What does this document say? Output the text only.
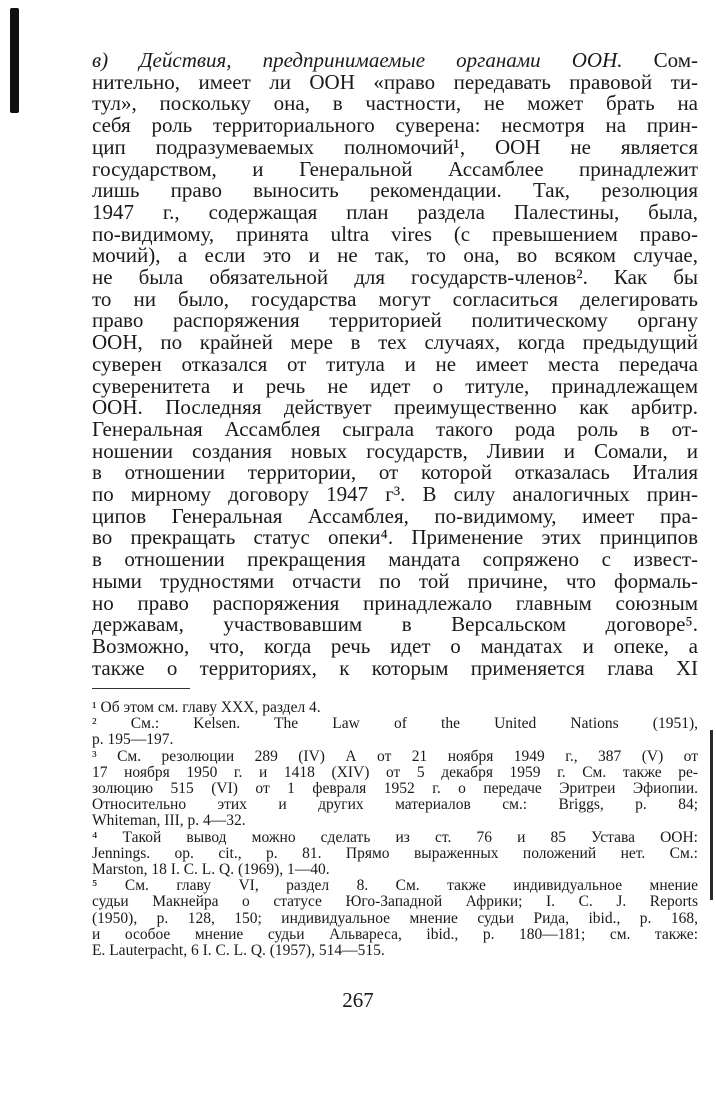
в) Действия, предпринимаемые органами ООН. Сом-
нительно, имеет ли ООН «право передавать правовой ти-
тул», поскольку она, в частности, не может брать на
себя роль территориального суверена: несмотря на прин-
цип подразумеваемых полномочий¹, ООН не является
государством, и Генеральной Ассамблее принадлежит
лишь право выносить рекомендации. Так, резолюция
1947 г., содержащая план раздела Палестины, была,
по-видимому, принята ultra vires (с превышением право-
мочий), а если это и не так, то она, во всяком случае,
не была обязательной для государств-членов². Как бы
то ни было, государства могут согласиться делегировать
право распоряжения территорией политическому органу
ООН, по крайней мере в тех случаях, когда предыдущий
суверен отказался от титула и не имеет места передача
суверенитета и речь не идет о титуле, принадлежащем
ООН. Последняя действует преимущественно как арбитр.
Генеральная Ассамблея сыграла такого рода роль в от-
ношении создания новых государств, Ливии и Сомали, и
в отношении территории, от которой отказалась Италия
по мирному договору 1947 г³. В силу аналогичных прин-
ципов Генеральная Ассамблея, по-видимому, имеет пра-
во прекращать статус опеки⁴. Применение этих принципов
в отношении прекращения мандата сопряжено с извест-
ными трудностями отчасти по той причине, что формаль-
но право распоряжения принадлежало главным союзным
державам, участвовавшим в Версальском договоре⁵.
Возможно, что, когда речь идет о мандатах и опеке, а
также о территориях, к которым применяется глава XI
¹ Об этом см. главу XXX, раздел 4.
² См.: Kelsen. The Law of the United Nations (1951),
p. 195—197.
³ См. резолюции 289 (IV) А от 21 ноября 1949 г., 387 (V) от
17 ноября 1950 г. и 1418 (XIV) от 5 декабря 1959 г. См. также ре-
золюцию 515 (VI) от 1 февраля 1952 г. о передаче Эритреи Эфиопии.
Относительно этих и других материалов см.: Briggs, p. 84;
Whiteman, III, p. 4—32.
⁴ Такой вывод можно сделать из ст. 76 и 85 Устава ООН:
Jennings. op. cit., p. 81. Прямо выраженных положений нет. См.:
Marston, 18 I. C. L. Q. (1969), 1—40.
⁵ См. главу VI, раздел 8. См. также индивидуальное мнение
судьи Макнейра о статусе Юго-Западной Африки; I. C. J. Reports
(1950), p. 128, 150; индивидуальное мнение судьи Рида, ibid., p. 168,
и особое мнение судьи Альвареса, ibid., p. 180—181; см. также:
E. Lauterpacht, 6 I. C. L. Q. (1957), 514—515.
267
